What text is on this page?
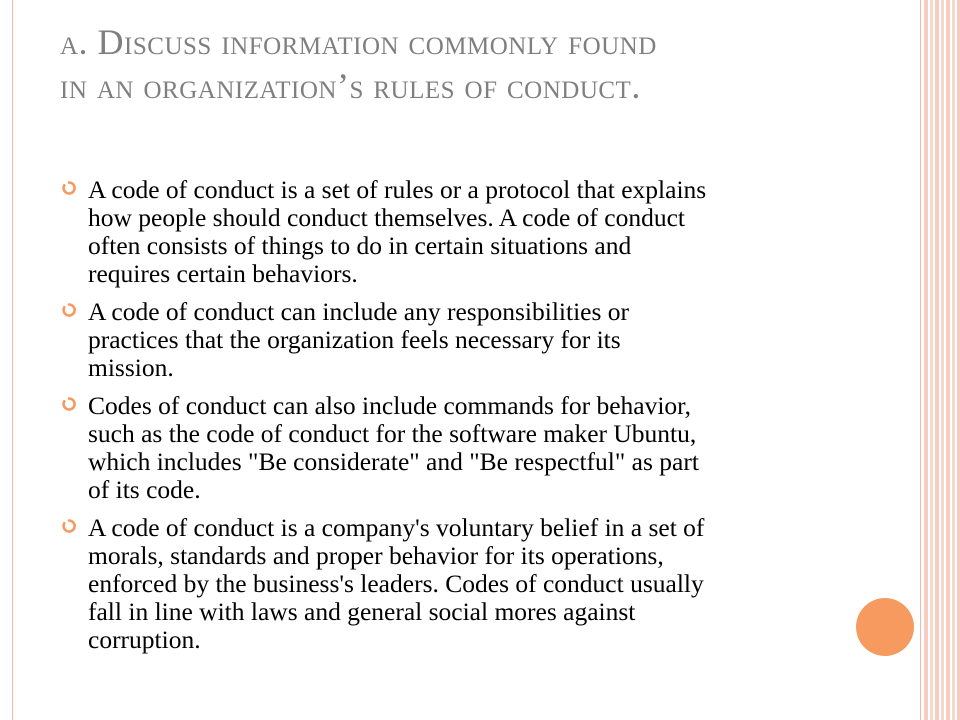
a. Discuss information commonly found
in an organization’s rules of conduct.
A code of conduct is a set of rules or a protocol that explains
how people should conduct themselves. A code of conduct
often consists of things to do in certain situations and
requires certain behaviors.
A code of conduct can include any responsibilities or
practices that the organization feels necessary for its
mission.
Codes of conduct can also include commands for behavior,
such as the code of conduct for the software maker Ubuntu,
which includes "Be considerate" and "Be respectful" as part
of its code.
A code of conduct is a company's voluntary belief in a set of
morals, standards and proper behavior for its operations,
enforced by the business's leaders. Codes of conduct usually
fall in line with laws and general social mores against
corruption.
